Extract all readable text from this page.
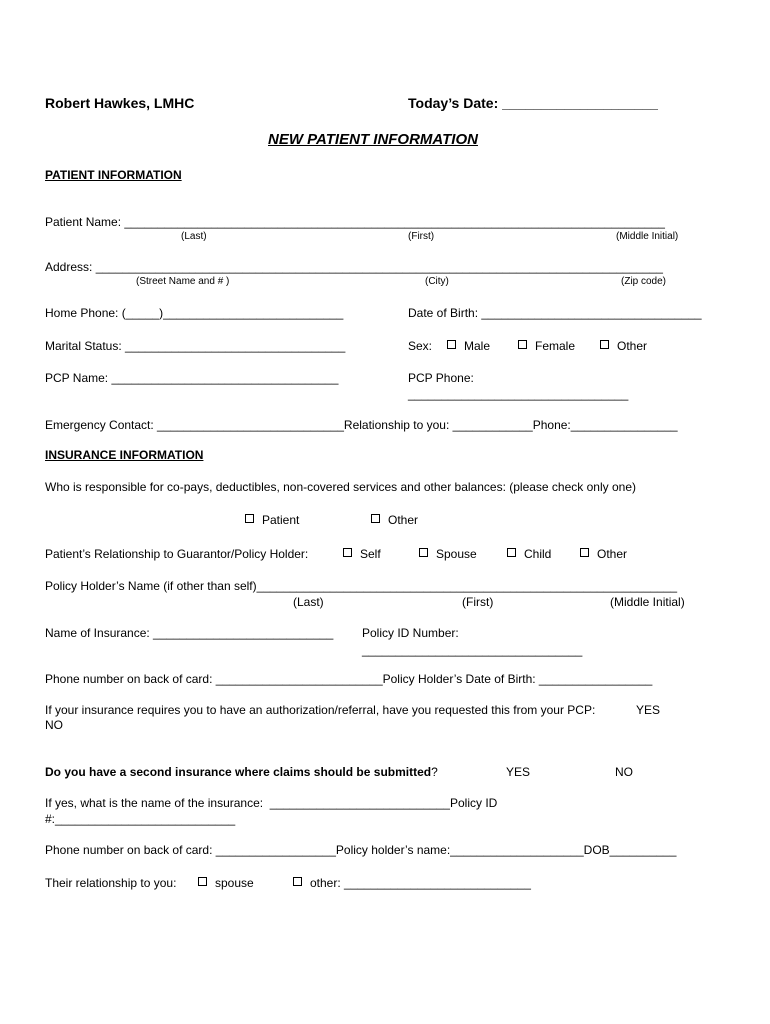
Robert Hawkes, LMHC	Today’s Date: ____________________
NEW PATIENT INFORMATION
PATIENT INFORMATION
Patient Name: _________________________________________________________________________________
(Last)	(First)	(Middle Initial)
Address: _____________________________________________________________________________________
(Street Name and # )	(City)	(Zip code)
Home Phone: (_____)___________________________	Date of Birth: _________________________________
Marital Status: _________________________________	Sex:	Male	Female	Other
PCP Name: __________________________________	PCP Phone:
_________________________________
Emergency Contact: ____________________________Relationship to you: ____________Phone:________________
INSURANCE INFORMATION
Who is responsible for co-pays, deductibles, non-covered services and other balances: (please check only one)
Patient	Other
Patient’s Relationship to Guarantor/Policy Holder:	Self	Spouse	Child	Other
Policy Holder’s Name (if other than self)_______________________________________________________________
(Last)	(First)	(Middle Initial)
Name of Insurance: ___________________________ Policy ID Number:
_________________________________
Phone number on back of card: _________________________Policy Holder’s Date of Birth: _________________
If your insurance requires you to have an authorization/referral, have you requested this from your PCP:	YES
NO
Do you have a second insurance where claims should be submitted?	YES	NO
If yes, what is the name of the insurance:  ___________________________Policy ID
#:___________________________
Phone number on back of card: __________________Policy holder’s name:____________________DOB__________
Their relationship to you:	spouse	other: ____________________________
